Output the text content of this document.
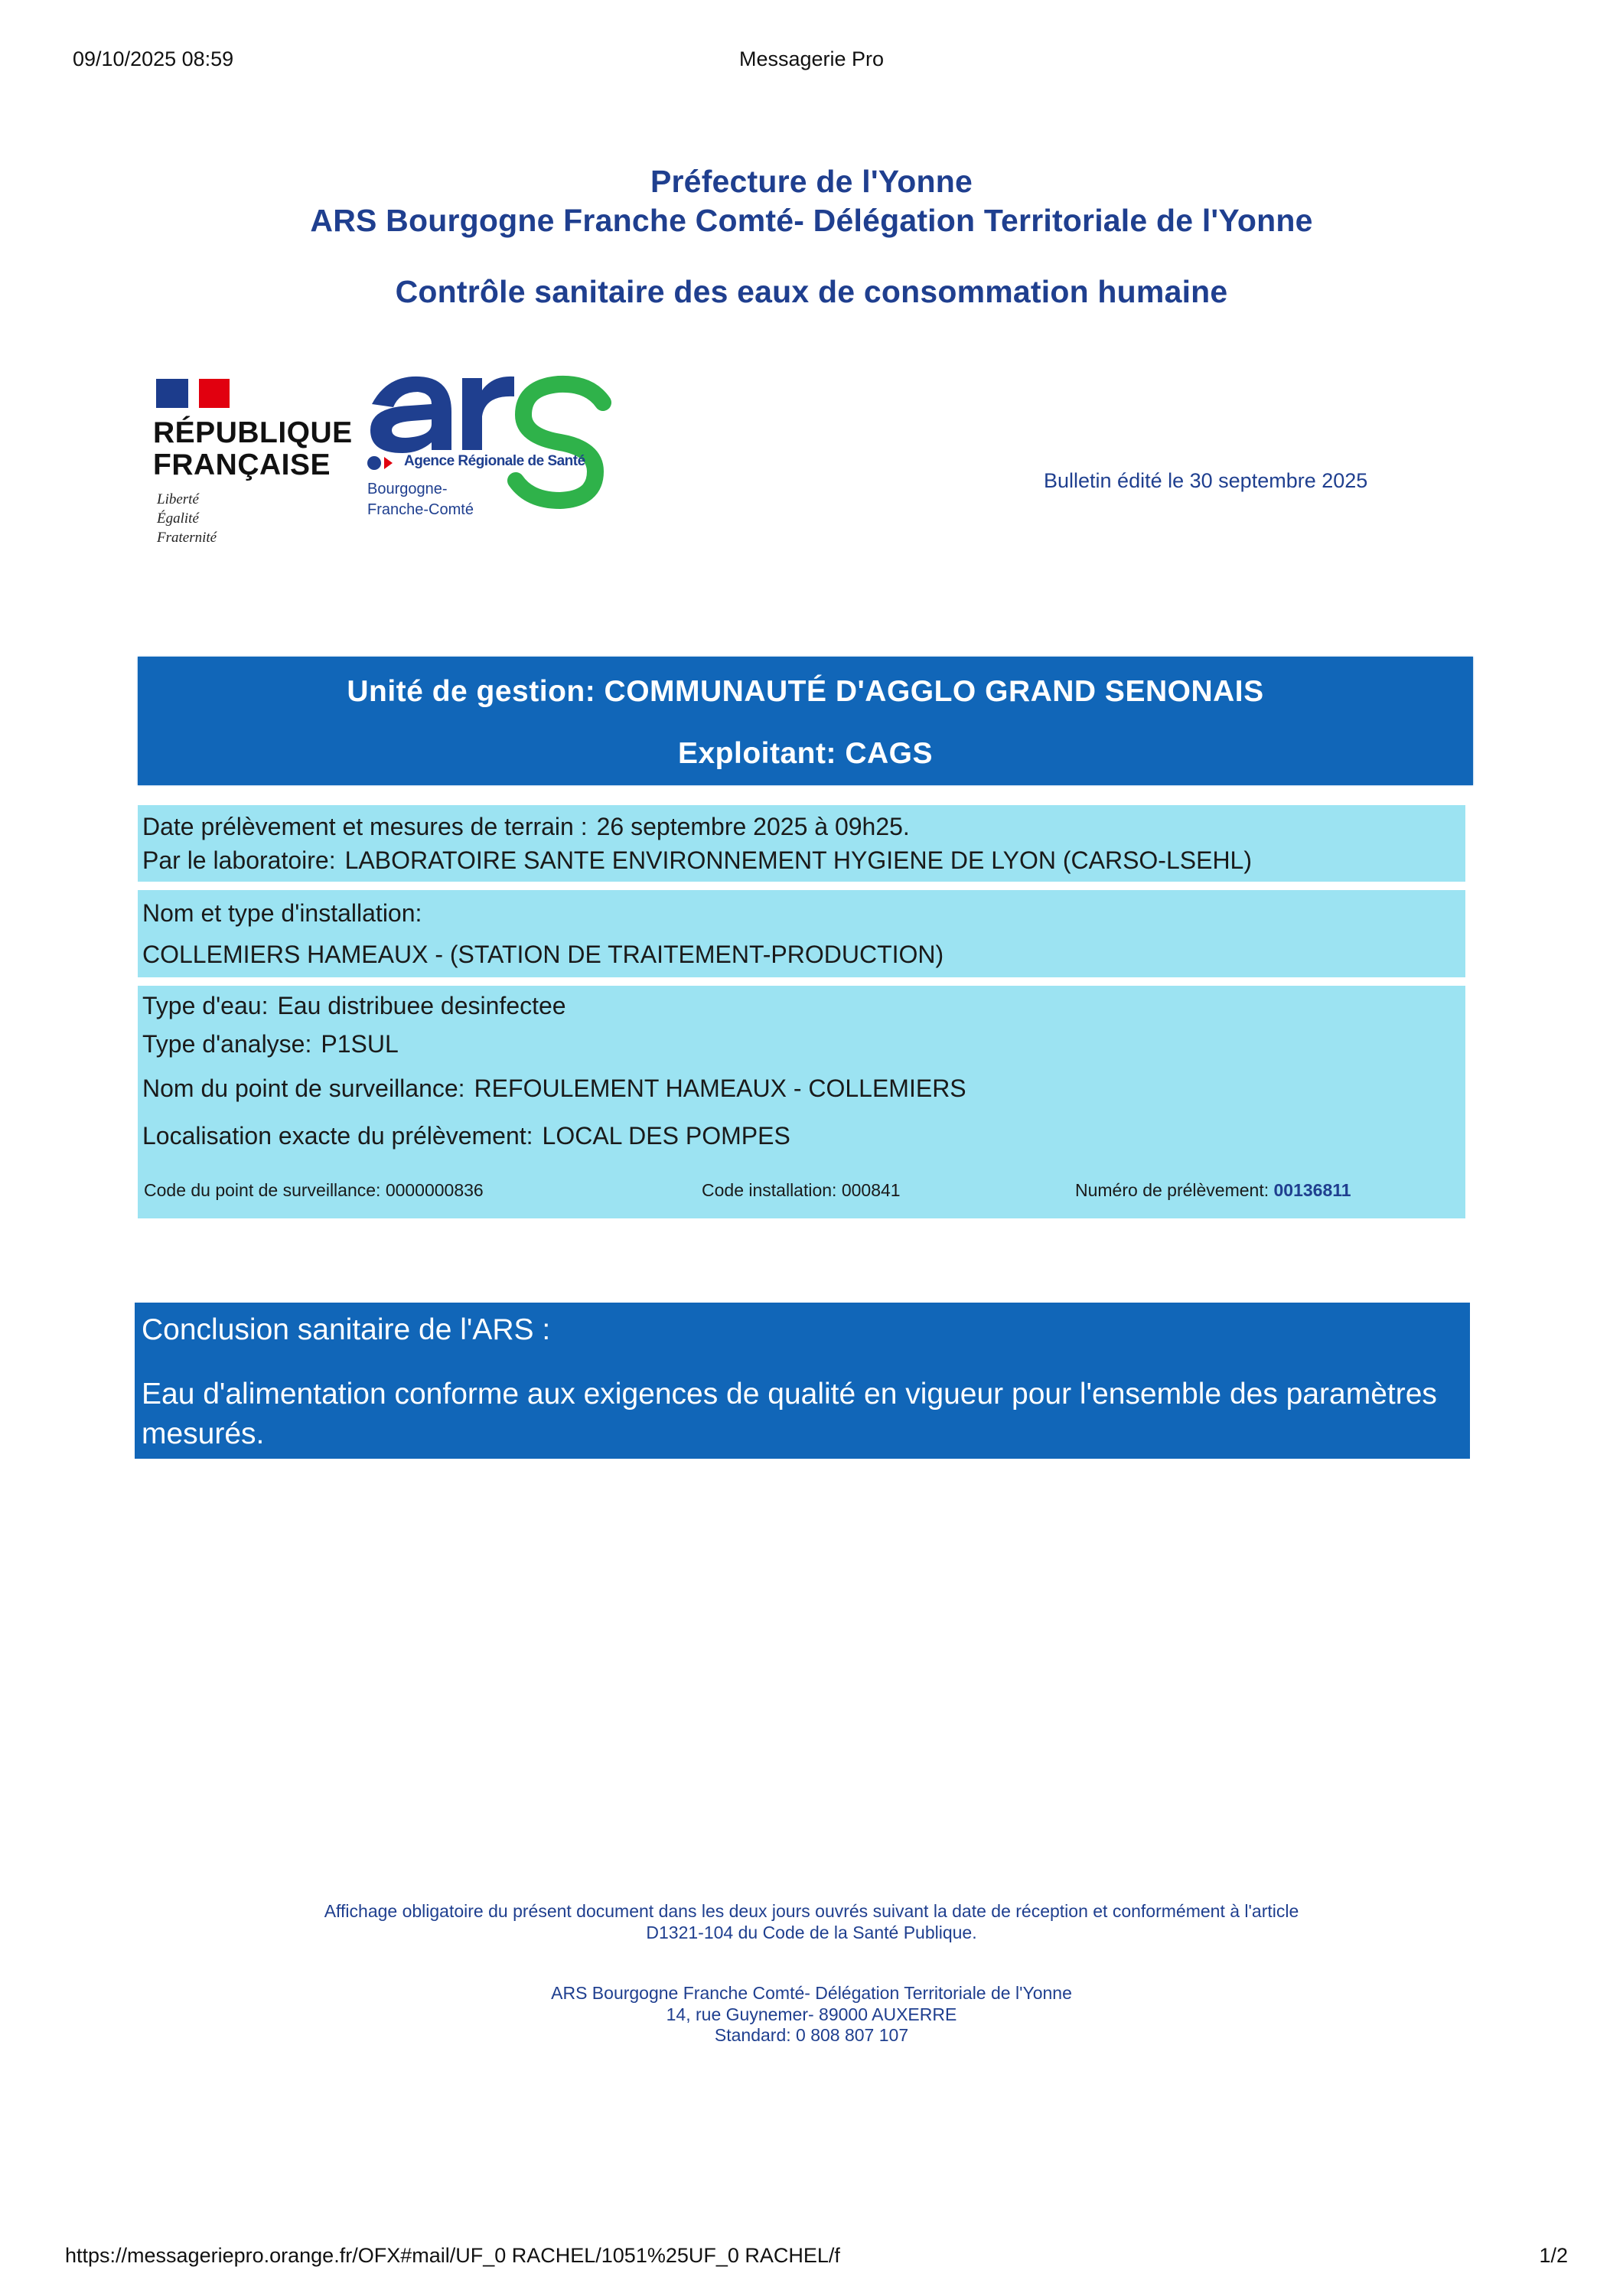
09/10/2025 08:59	Messagerie Pro
Préfecture de l'Yonne
ARS Bourgogne Franche Comté- Délégation Territoriale de l'Yonne
Contrôle sanitaire des eaux de consommation humaine
RÉPUBLIQUE
FRANÇAISE
Liberté
Égalité
Fraternité
Agence Régionale de Santé
Bourgogne-
Franche-Comté
Bulletin édité le 30 septembre 2025
Unité de gestion: COMMUNAUTÉ D'AGGLO GRAND SENONAIS
Exploitant: CAGS
Date prélèvement et mesures de terrain : 26 septembre 2025 à 09h25.
Par le laboratoire: LABORATOIRE SANTE ENVIRONNEMENT HYGIENE DE LYON (CARSO-LSEHL)
Nom et type d'installation:
COLLEMIERS HAMEAUX - (STATION DE TRAITEMENT-PRODUCTION)
Type d'eau: Eau distribuee desinfectee
Type d'analyse: P1SUL
Nom du point de surveillance: REFOULEMENT HAMEAUX - COLLEMIERS
Localisation exacte du prélèvement: LOCAL DES POMPES
Code du point de surveillance: 0000000836	Code installation: 000841	Numéro de prélèvement: 00136811
Conclusion sanitaire de l'ARS :
Eau d'alimentation conforme aux exigences de qualité en vigueur pour l'ensemble des paramètres mesurés.
Affichage obligatoire du présent document dans les deux jours ouvrés suivant la date de réception et conformément à l'article
D1321-104 du Code de la Santé Publique.
ARS Bourgogne Franche Comté- Délégation Territoriale de l'Yonne
14, rue Guynemer- 89000 AUXERRE
Standard: 0 808 807 107
https://messageriepro.orange.fr/OFX#mail/UF_0 RACHEL/1051%25UF_0 RACHEL/f	1/2
